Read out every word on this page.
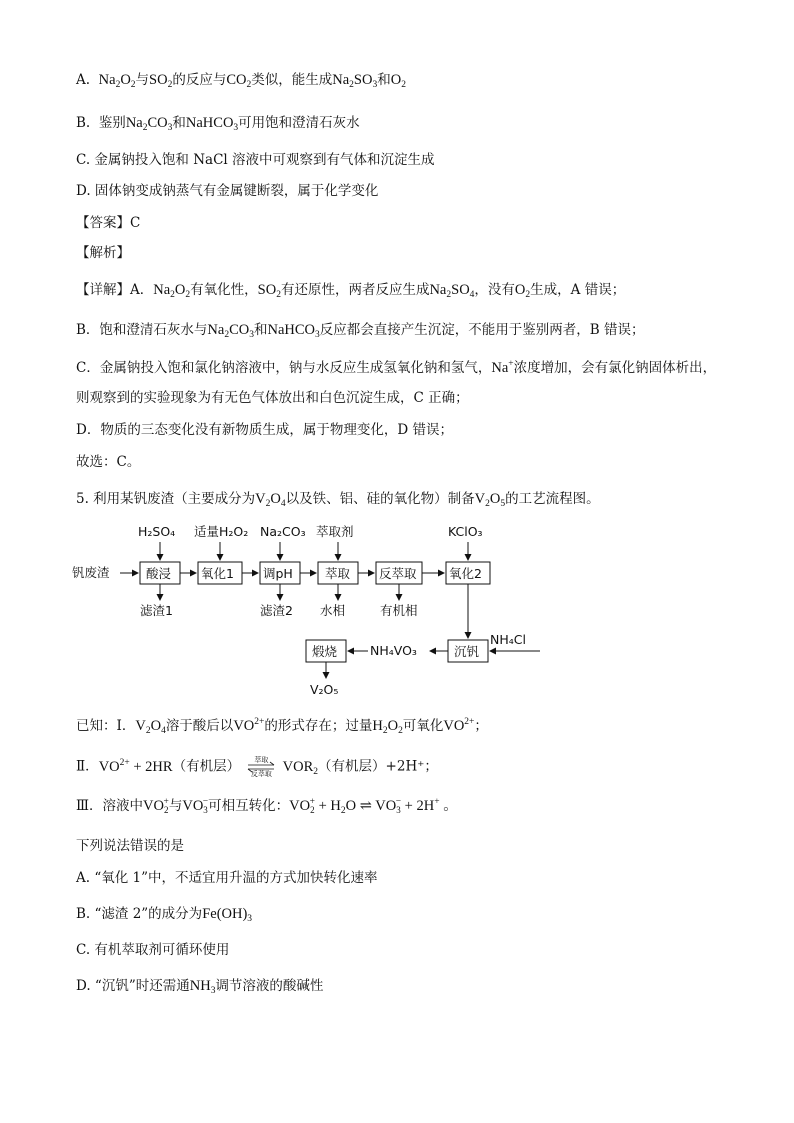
A. $Na_2O_2$与$SO_2$的反应与$CO_2$类似，能生成$Na_2SO_3$和$O_2$
B. 鉴别$Na_2CO_3$和NaHCO$_3$可用饱和澄清石灰水
C. 金属钠投入饱和 NaCl 溶液中可观察到有气体和沉淀生成
D. 固体钠变成钠蒸气有金属键断裂，属于化学变化
【答案】C
【解析】
【详解】A．$Na_2O_2$有氧化性，$SO_2$有还原性，两者反应生成$Na_2SO_4$，没有$O_2$生成，A 错误；
B．饱和澄清石灰水与$Na_2CO_3$和NaHCO$_3$反应都会直接产生沉淀，不能用于鉴别两者，B 错误；
C．金属钠投入饱和氯化钠溶液中，钠与水反应生成氢氧化钠和氢气，Na+浓度增加，会有氯化钠固体析出，
则观察到的实验现象为有无色气体放出和白色沉淀生成，C 正确；
D．物质的三态变化没有新物质生成，属于物理变化，D 错误；
故选：C。
5. 利用某钒废渣（主要成分为$V_2O_4$以及铁、铝、硅的氧化物）制备$V_2O_5$的工艺流程图。
钒废渣	酸浸 氧化1 调pH	萃取 反萃取	氧化2
H₂SO₄ 适量H₂O₂ Na₂CO₃ 萃取剂	KClO₃
滤渣1	滤渣2 水相	有机相
沉钒
NH₄Cl
NH₄VO₃
煅烧
V₂O₅
已知：Ⅰ．$V_2O_4$溶于酸后以$VO^{2+}$的形式存在；过量$H_2O_2$可氧化$VO^{2+}$；
Ⅱ．$VO^{2+} + 2HR$（有机层）	萃取
反萃取 $VOR_2$（有机层）+2H⁺；
Ⅲ．溶液中$VO_2^+$与$VO_3^-$可相互转化：$VO_2^+ + H_2O$ ⇌ $VO_3^- + 2H^+$ 。
下列说法错误的是
A. “氧化 1”中，不适宜用升温的方式加快转化速率
B. “滤渣 2”的成分为$Fe(OH)_3$
C. 有机萃取剂可循环使用
D. “沉钒”时还需通$NH_3$调节溶液的酸碱性
